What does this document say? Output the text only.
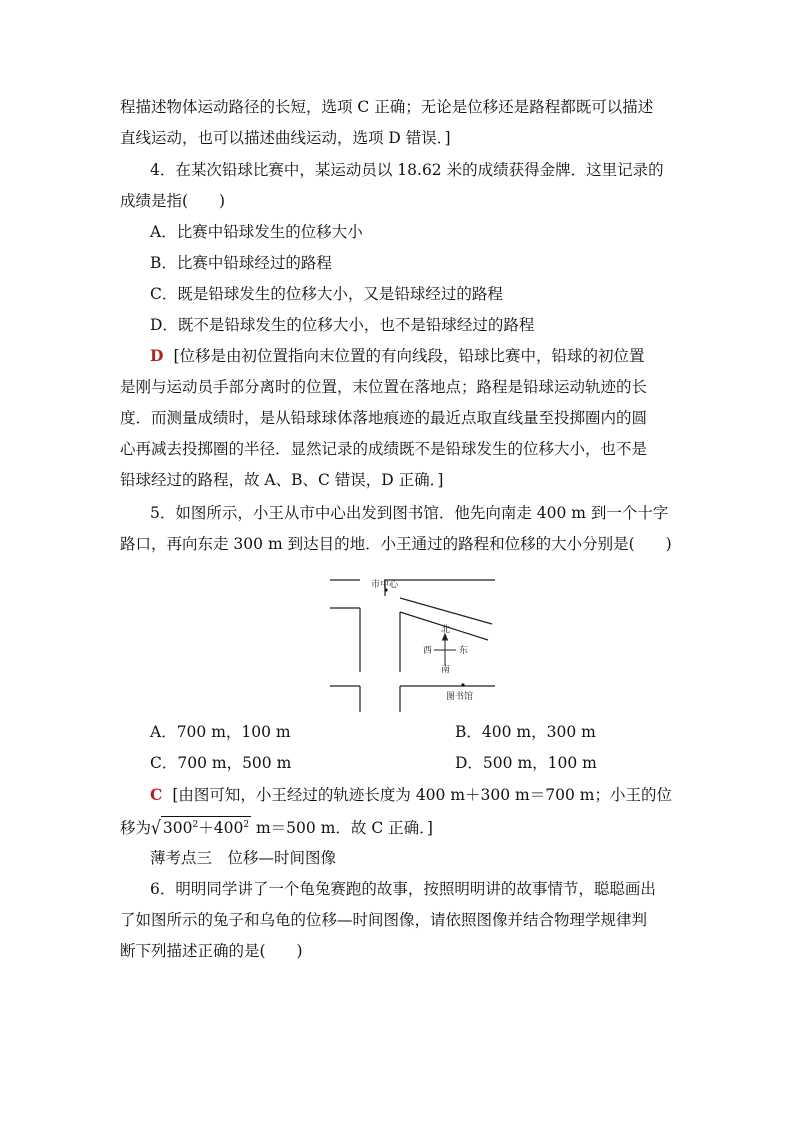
程描述物体运动路径的长短，选项 C 正确；无论是位移还是路程都既可以描述
直线运动，也可以描述曲线运动，选项 D 错误．]
4．在某次铅球比赛中，某运动员以 18.62 米的成绩获得金牌．这里记录的
成绩是指(　　)
A．比赛中铅球发生的位移大小
B．比赛中铅球经过的路程
C．既是铅球发生的位移大小，又是铅球经过的路程
D．既不是铅球发生的位移大小，也不是铅球经过的路程
D [位移是由初位置指向末位置的有向线段，铅球比赛中，铅球的初位置
是刚与运动员手部分离时的位置，末位置在落地点；路程是铅球运动轨迹的长
度．而测量成绩时，是从铅球球体落地痕迹的最近点取直线量至投掷圈内的圆
心再减去投掷圈的半径．显然记录的成绩既不是铅球发生的位移大小，也不是
铅球经过的路程，故 A、B、C 错误，D 正确．]
5．如图所示，小王从市中心出发到图书馆．他先向南走 400 m 到一个十字
路口，再向东走 300 m 到达目的地．小王通过的路程和位移的大小分别是(　　)
市中心
北
南
东
西
图书馆
A．700 m，100 m	B．400 m，300 m
C．700 m，500 m	D．500 m，100 m
C [由图可知，小王经过的轨迹长度为 400 m＋300 m＝700 m；小王的位
移为√ $300^2+400^2$ m＝500 m．故 C 正确．]
薄考点三　位移—时间图像
6．明明同学讲了一个龟兔赛跑的故事，按照明明讲的故事情节，聪聪画出
了如图所示的兔子和乌龟的位移—时间图像，请依照图像并结合物理学规律判
断下列描述正确的是(　　)
